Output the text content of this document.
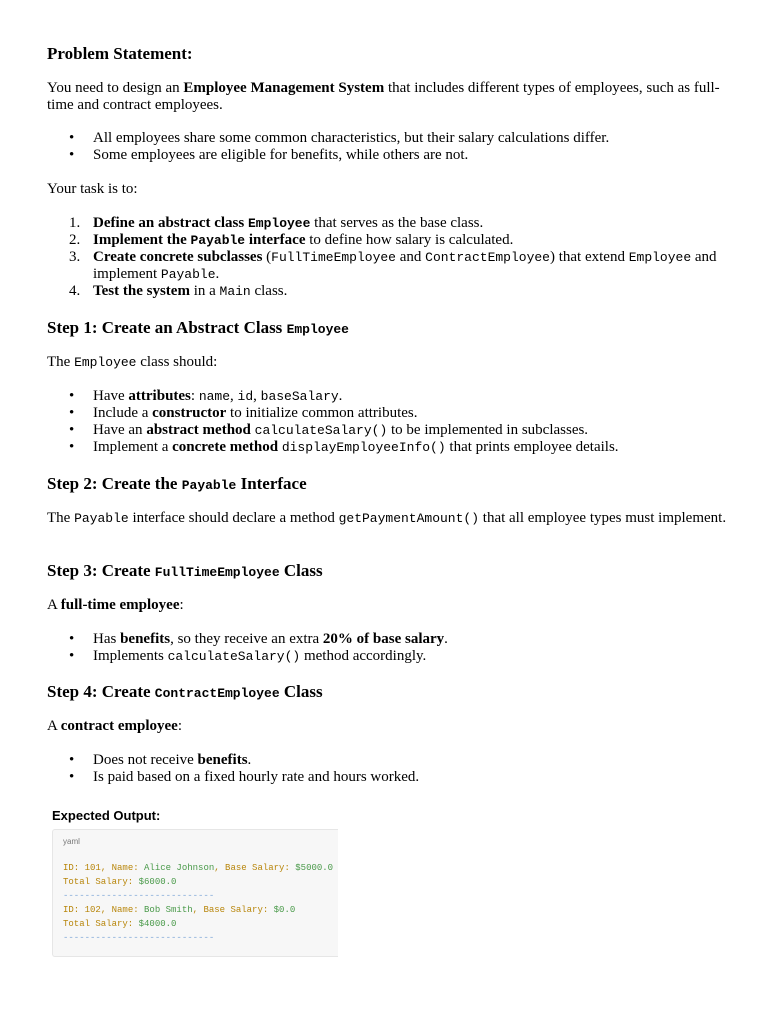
Problem Statement:

You need to design an Employee Management System that includes different types of employees, such as full-time and contract employees.

• All employees share some common characteristics, but their salary calculations differ.
• Some employees are eligible for benefits, while others are not.

Your task is to:

1. Define an abstract class Employee that serves as the base class.
2. Implement the Payable interface to define how salary is calculated.
3. Create concrete subclasses (FullTimeEmployee and ContractEmployee) that extend Employee and implement Payable.
4. Test the system in a Main class.
Step 1: Create an Abstract Class Employee

The Employee class should:

• Have attributes: name, id, baseSalary.
• Include a constructor to initialize common attributes.
• Have an abstract method calculateSalary() to be implemented in subclasses.
• Implement a concrete method displayEmployeeInfo() that prints employee details.
Step 2: Create the Payable Interface

The Payable interface should declare a method getPaymentAmount() that all employee types must implement.

Step 3: Create FullTimeEmployee Class

A full-time employee:

• Has benefits, so they receive an extra 20% of base salary.
• Implements calculateSalary() method accordingly.
Step 4: Create ContractEmployee Class

A contract employee:

• Does not receive benefits.
• Is paid based on a fixed hourly rate and hours worked.
Expected Output:
yaml
ID: 101, Name: Alice Johnson, Base Salary: $5000.0
Total Salary: $6000.0
----------------------------
ID: 102, Name: Bob Smith, Base Salary: $0.0
Total Salary: $4000.0
----------------------------
